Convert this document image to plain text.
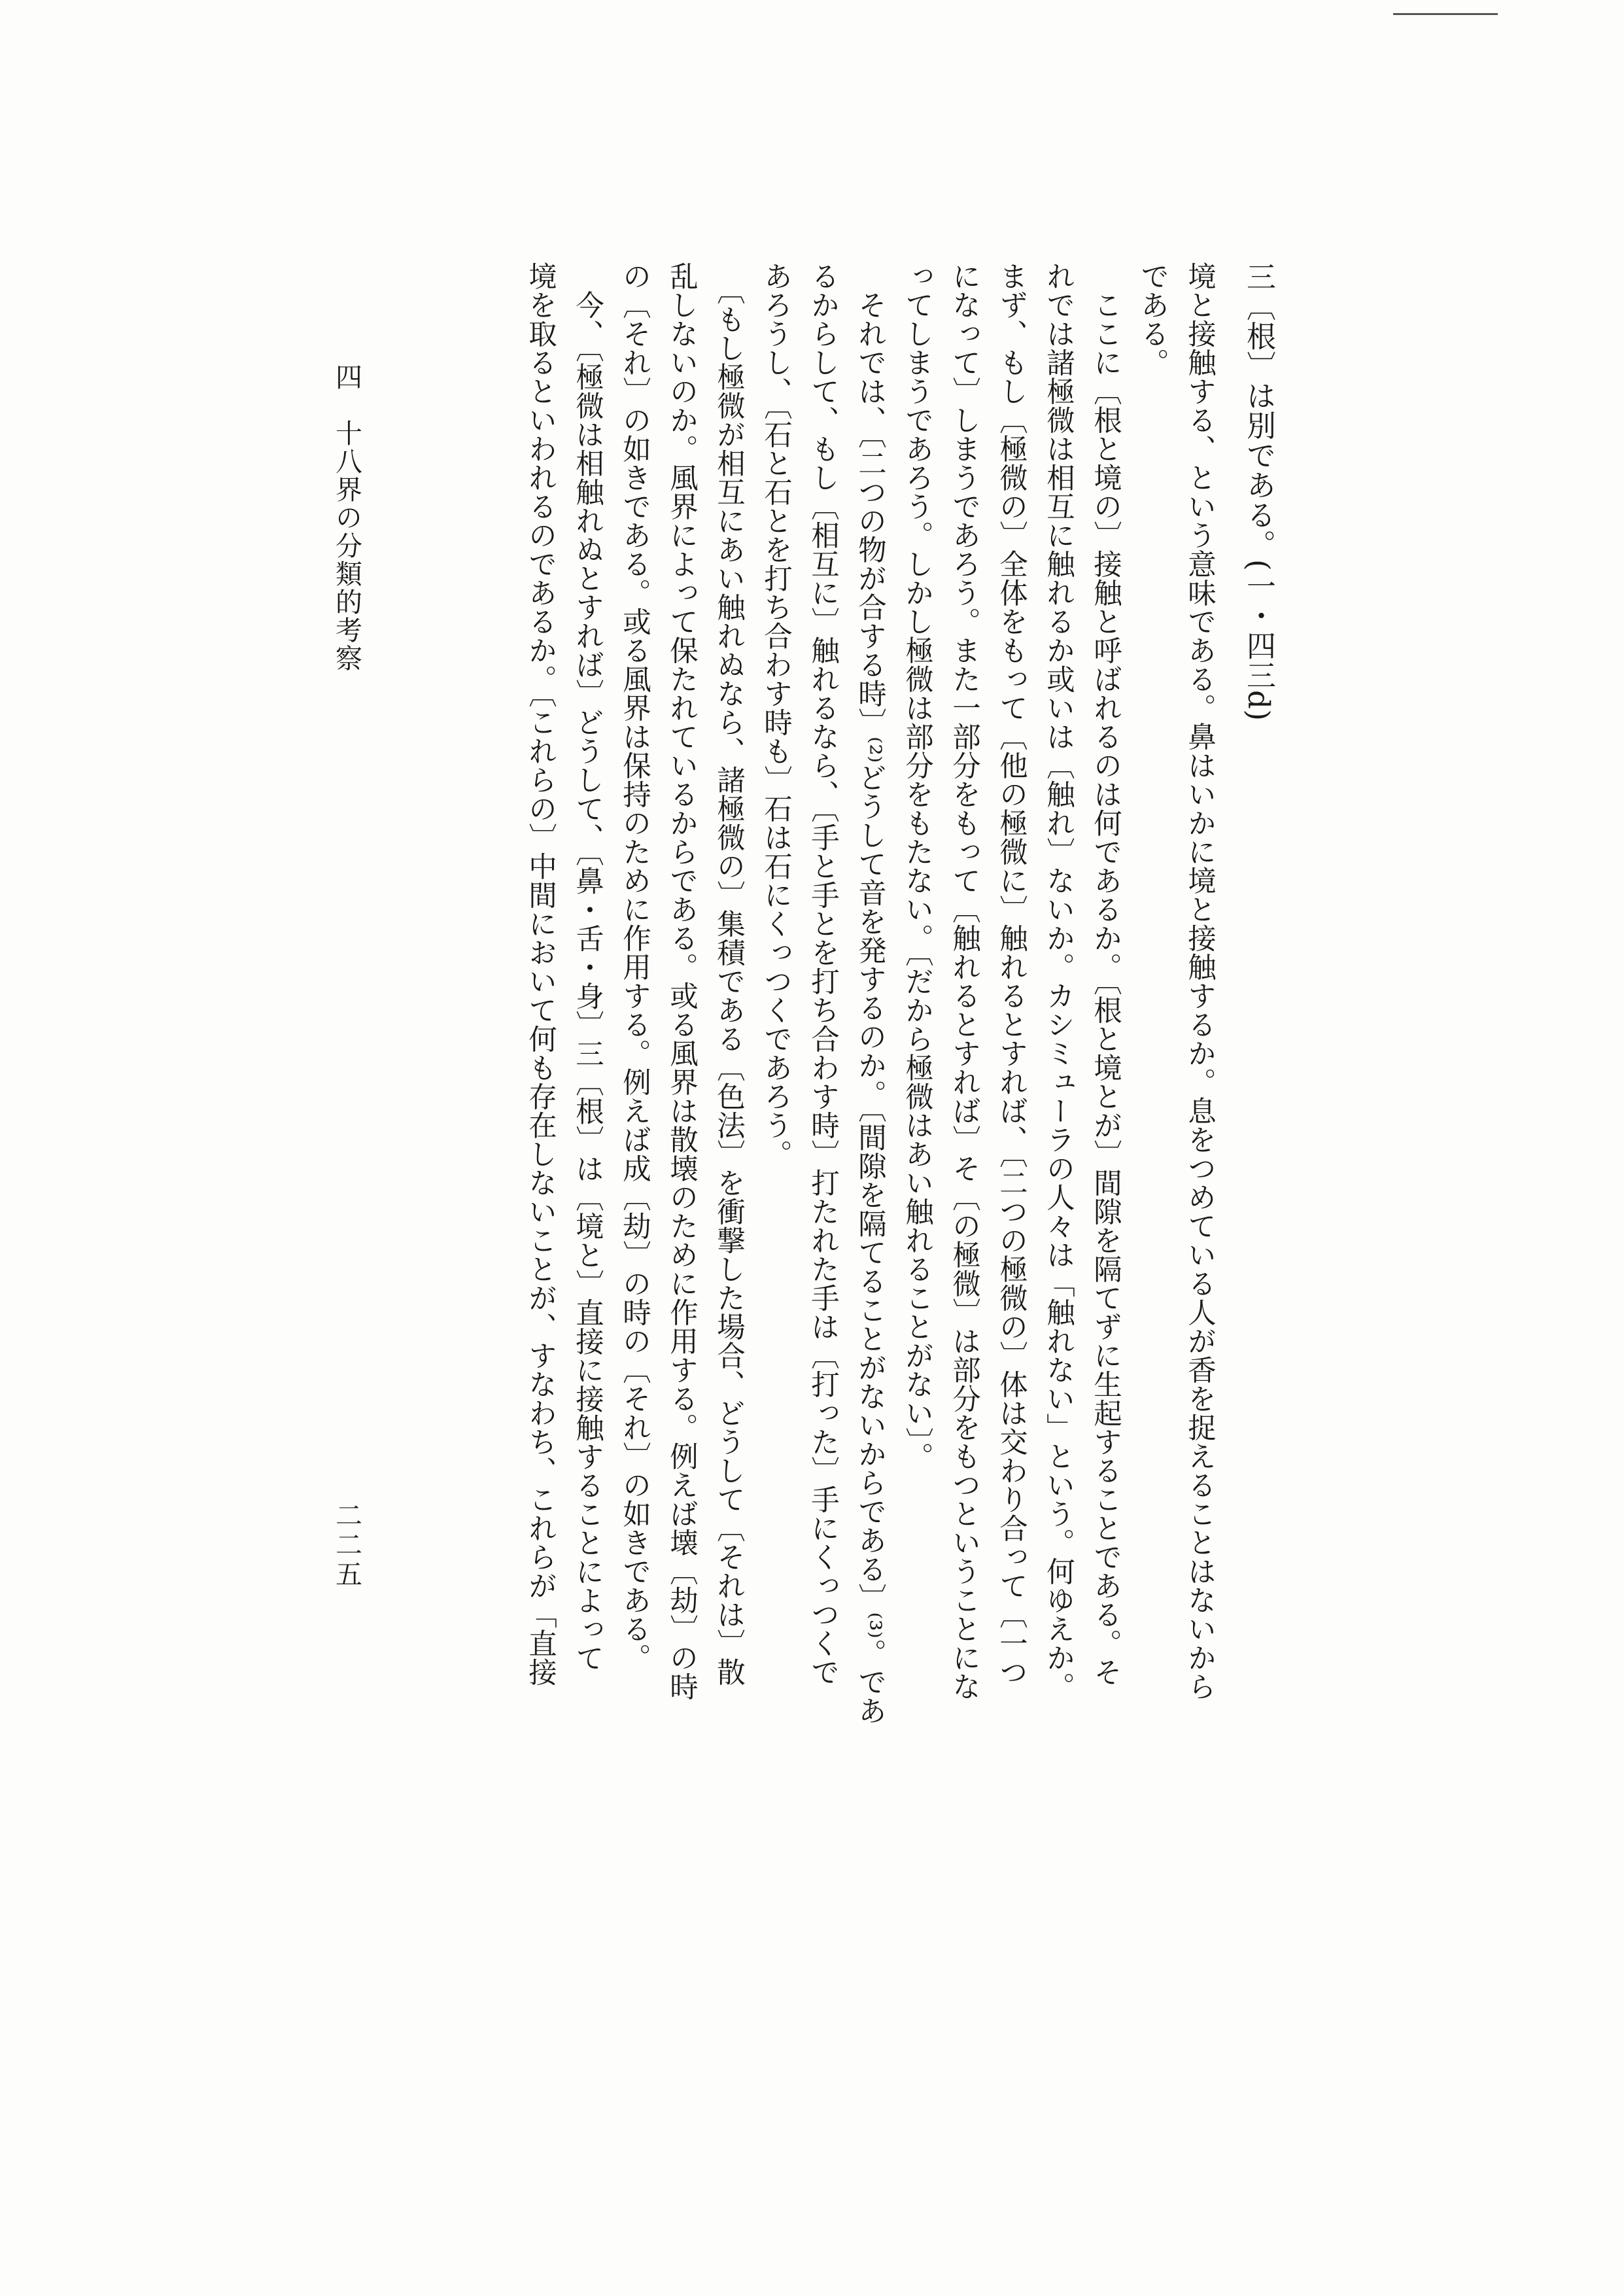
三〔根〕は別である。(一・四三d)
境と接触する、という意味である。鼻はいかに境と接触するか。息をつめている人が香を捉えることはないから
である。
　ここに〔根と境の〕接触と呼ばれるのは何であるか。〔根と境とが〕間隙を隔てずに生起することである。そ
れでは諸極微は相互に触れるか或いは〔触れ〕ないか。カシミューラの人々は「触れない」という。何ゆえか。
まず、もし〔極微の〕全体をもって〔他の極微に〕触れるとすれば、〔二つの極微の〕体は交わり合って〔一つ
になって〕しまうであろう。また一部分をもって〔触れるとすれば〕そ〔の極微〕は部分をもつということにな
ってしまうであろう。しかし極微は部分をもたない。〔だから極微はあい触れることがない〕。
　それでは、〔二つの物が合する時〕⁽²⁾どうして音を発するのか。〔間隙を隔てることがないからである〕⁽³⁾。であ
るからして、もし〔相互に〕触れるなら、〔手と手とを打ち合わす時〕打たれた手は〔打った〕手にくっつくで
あろうし、〔石と石とを打ち合わす時も〕石は石にくっつくであろう。
　〔もし極微が相互にあい触れぬなら、諸極微の〕集積である〔色法〕を衝撃した場合、どうして〔それは〕散
乱しないのか。風界によって保たれているからである。或る風界は散壊のために作用する。例えば壊〔劫〕の時
の〔それ〕の如きである。或る風界は保持のために作用する。例えば成〔劫〕の時の〔それ〕の如きである。
　今、〔極微は相触れぬとすれば〕どうして、〔鼻・舌・身〕三〔根〕は〔境と〕直接に接触することによって
境を取るといわれるのであるか。〔これらの〕中間において何も存在しないことが、すなわち、これらが「直接
四　十八界の分類的考察
二二五
